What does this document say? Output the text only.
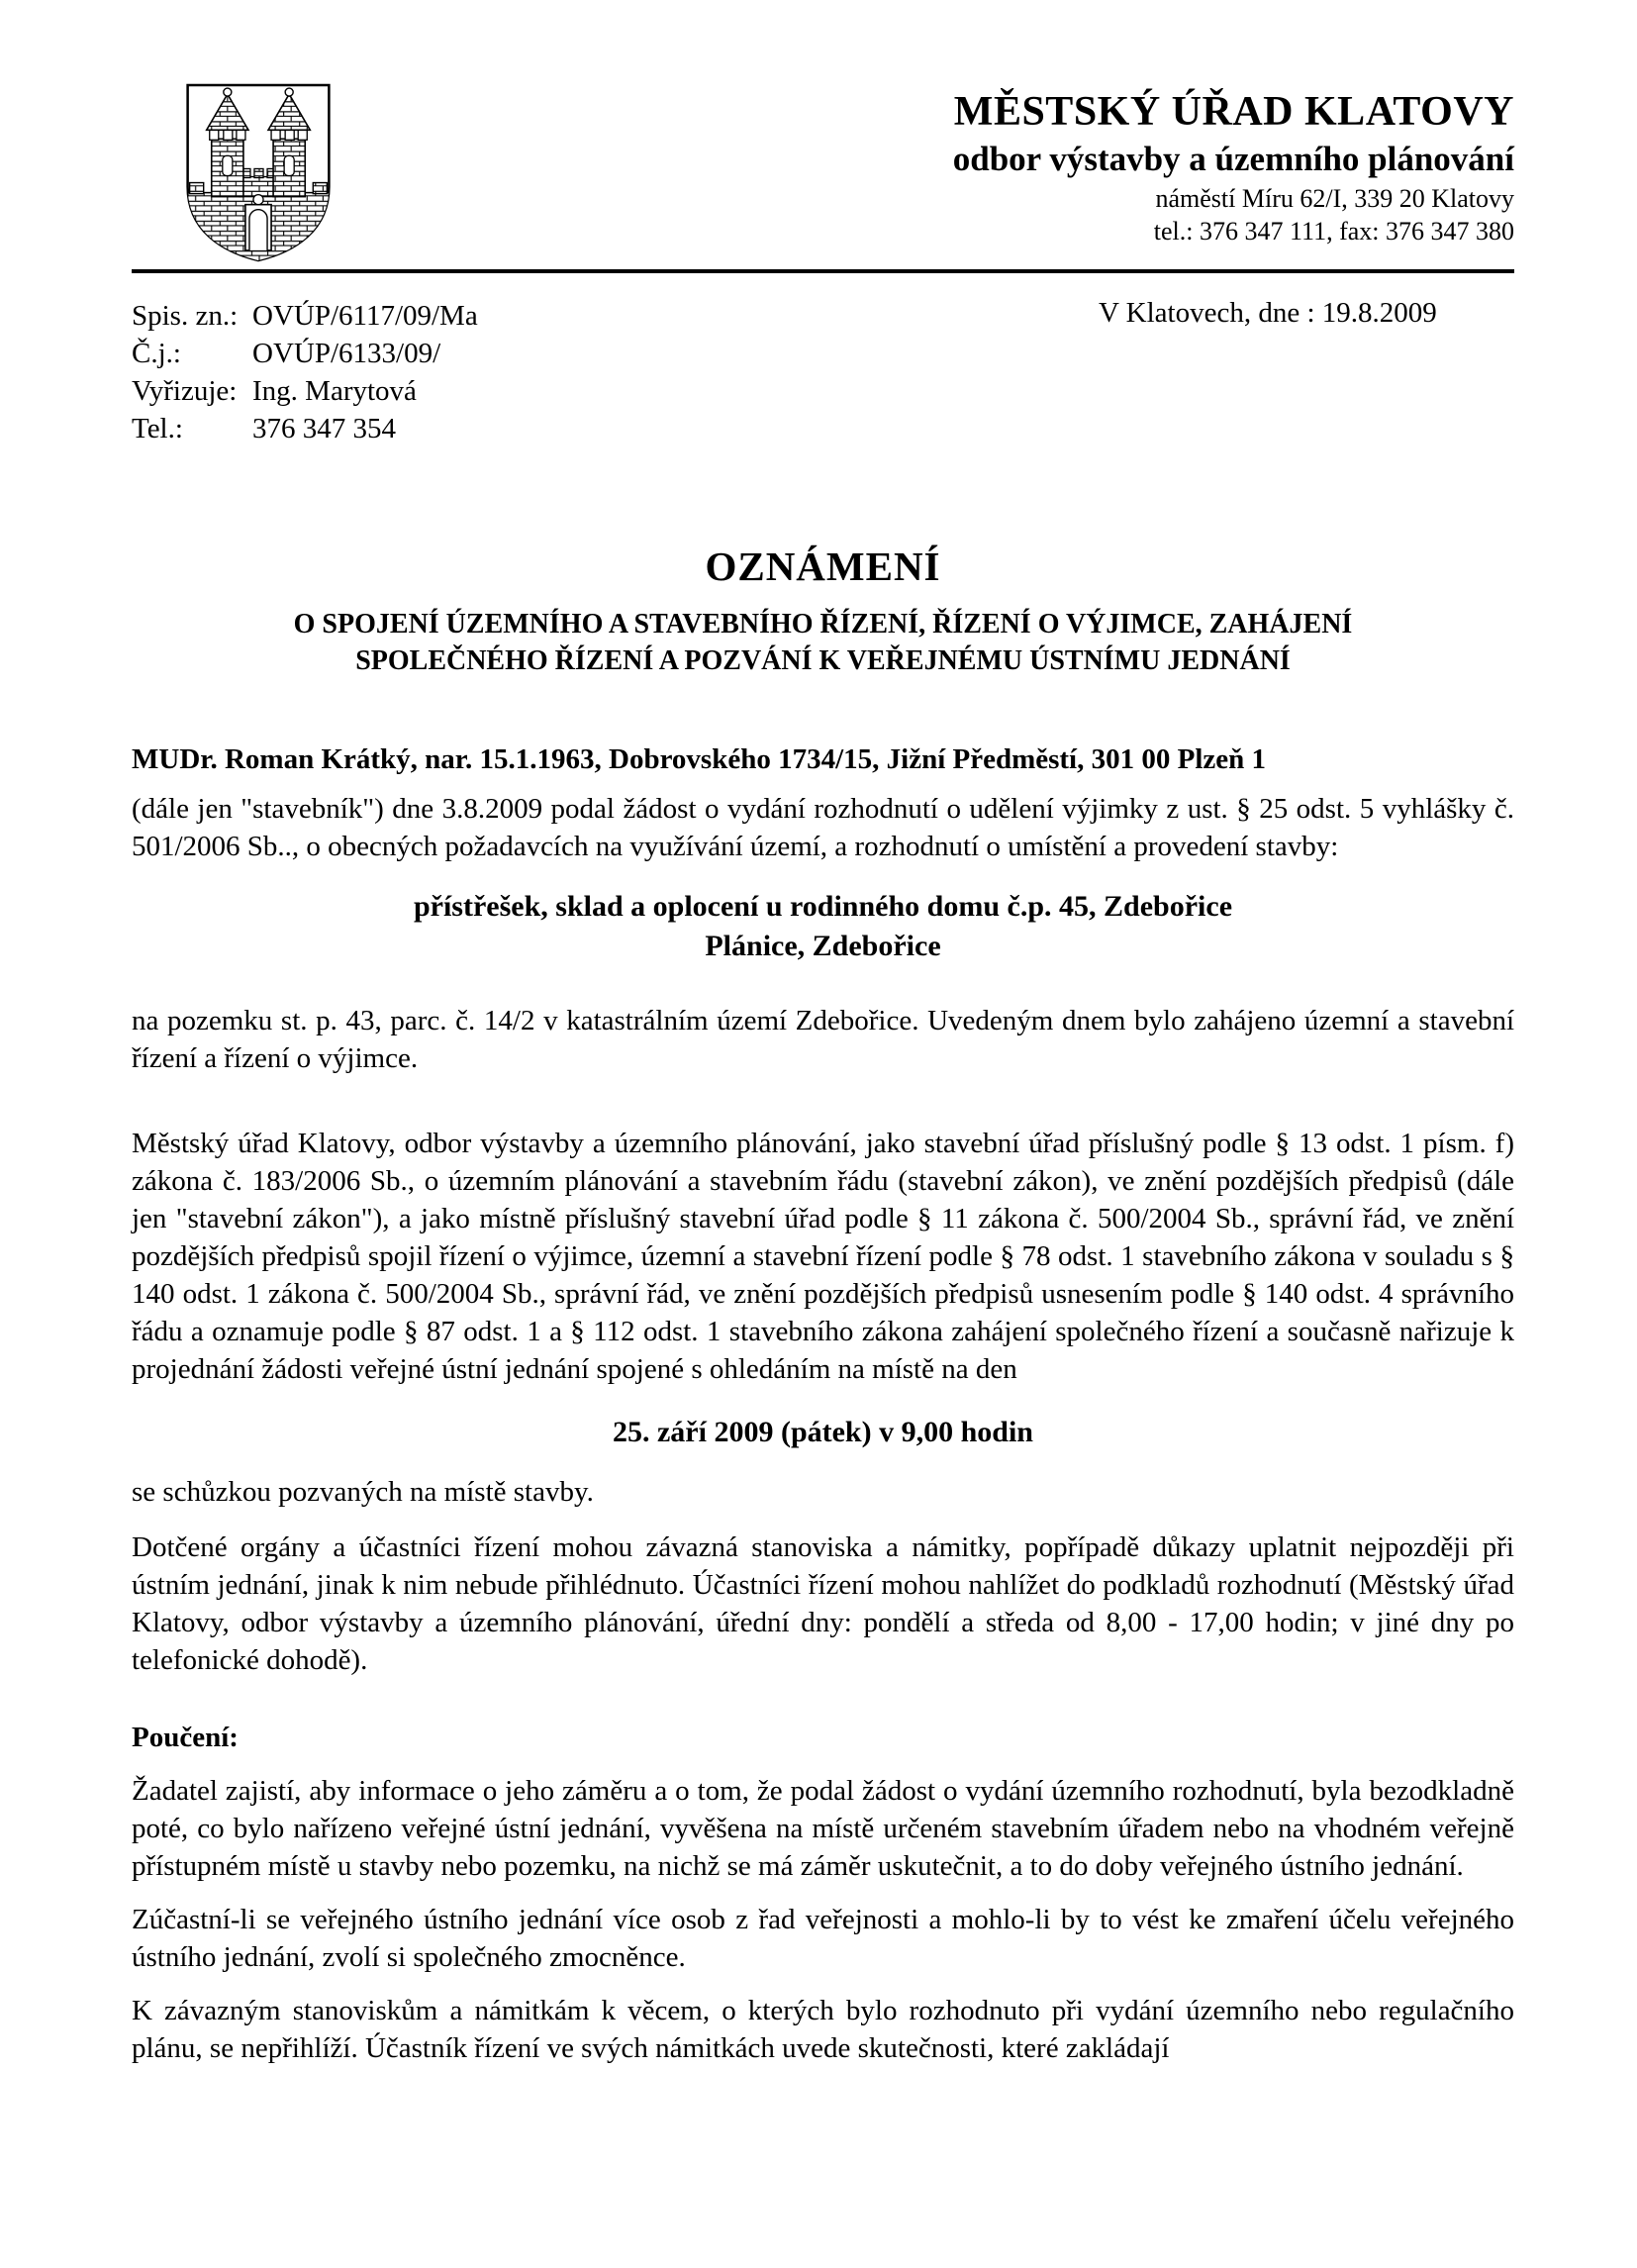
MĚSTSKÝ ÚŘAD KLATOVY
odbor výstavby a územního plánování
náměstí Míru 62/I, 339 20 Klatovy
tel.: 376 347 111, fax: 376 347 380
Spis. zn.: OVÚP/6117/09/Ma
Č.j.:	OVÚP/6133/09/
Vyřizuje: Ing. Marytová
Tel.:	376 347 354
V Klatovech, dne : 19.8.2009
OZNÁMENÍ
O SPOJENÍ ÚZEMNÍHO A STAVEBNÍHO ŘÍZENÍ, ŘÍZENÍ O VÝJIMCE, ZAHÁJENÍ
SPOLEČNÉHO ŘÍZENÍ A POZVÁNÍ K VEŘEJNÉMU ÚSTNÍMU JEDNÁNÍ
MUDr. Roman Krátký, nar. 15.1.1963, Dobrovského 1734/15, Jižní Předměstí, 301 00 Plzeň 1
(dále jen "stavebník") dne 3.8.2009 podal žádost o vydání rozhodnutí o udělení výjimky z ust. § 25 odst. 5 vyhlášky č. 501/2006 Sb.., o obecných požadavcích na využívání území, a rozhodnutí o umístění a provedení stavby:
přístřešek, sklad a oplocení u rodinného domu č.p. 45, Zdebořice
Plánice, Zdebořice
na pozemku st. p. 43, parc. č. 14/2 v katastrálním území Zdebořice. Uvedeným dnem bylo zahájeno územní a stavební řízení a řízení o výjimce.
Městský úřad Klatovy, odbor výstavby a územního plánování, jako stavební úřad příslušný podle § 13 odst. 1 písm. f) zákona č. 183/2006 Sb., o územním plánování a stavebním řádu (stavební zákon), ve znění pozdějších předpisů (dále jen "stavební zákon"), a jako místně příslušný stavební úřad podle § 11 zákona č. 500/2004 Sb., správní řád, ve znění pozdějších předpisů spojil řízení o výjimce, územní a stavební řízení podle § 78 odst. 1 stavebního zákona v souladu s § 140 odst. 1 zákona č. 500/2004 Sb., správní řád, ve znění pozdějších předpisů usnesením podle § 140 odst. 4 správního řádu a oznamuje podle § 87 odst. 1 a § 112 odst. 1 stavebního zákona zahájení společného řízení a současně nařizuje k projednání žádosti veřejné ústní jednání spojené s ohledáním na místě na den
25. září 2009 (pátek) v 9,00 hodin
se schůzkou pozvaných na místě stavby.
Dotčené orgány a účastníci řízení mohou závazná stanoviska a námitky, popřípadě důkazy uplatnit nejpozději při ústním jednání, jinak k nim nebude přihlédnuto. Účastníci řízení mohou nahlížet do podkladů rozhodnutí (Městský úřad Klatovy, odbor výstavby a územního plánování, úřední dny: pondělí a středa od 8,00 - 17,00 hodin; v jiné dny po telefonické dohodě).
Poučení:
Žadatel zajistí, aby informace o jeho záměru a o tom, že podal žádost o vydání územního rozhodnutí, byla bezodkladně poté, co bylo nařízeno veřejné ústní jednání, vyvěšena na místě určeném stavebním úřadem nebo na vhodném veřejně přístupném místě u stavby nebo pozemku, na nichž se má záměr uskutečnit, a to do doby veřejného ústního jednání.
Zúčastní-li se veřejného ústního jednání více osob z řad veřejnosti a mohlo-li by to vést ke zmaření účelu veřejného ústního jednání, zvolí si společného zmocněnce.
K závazným stanoviskům a námitkám k věcem, o kterých bylo rozhodnuto při vydání územního nebo regulačního plánu, se nepřihlíží. Účastník řízení ve svých námitkách uvede skutečnosti, které zakládají
